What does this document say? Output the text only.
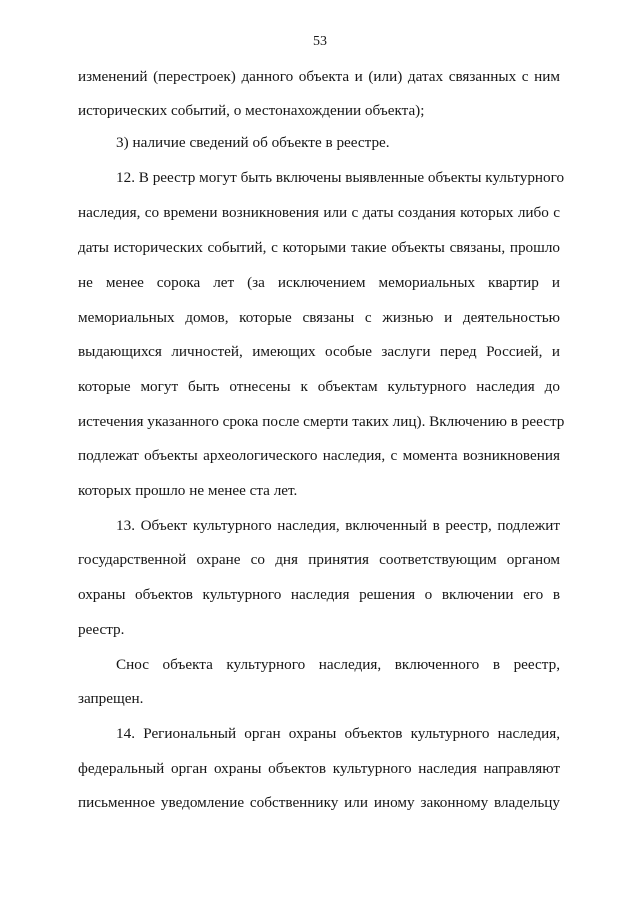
53
изменений (перестроек) данного объекта и (или) датах связанных с ним
исторических событий, о местонахождении объекта);
3) наличие сведений об объекте в реестре.
12. В реестр могут быть включены выявленные объекты культурного
наследия, со времени возникновения или с даты создания которых либо с
даты исторических событий, с которыми такие объекты связаны, прошло
не менее сорока лет (за исключением мемориальных квартир и
мемориальных домов, которые связаны с жизнью и деятельностью
выдающихся личностей, имеющих особые заслуги перед Россией, и
которые могут быть отнесены к объектам культурного наследия до
истечения указанного срока после смерти таких лиц). Включению в реестр
подлежат объекты археологического наследия, с момента возникновения
которых прошло не менее ста лет.
13. Объект культурного наследия, включенный в реестр, подлежит
государственной охране со дня принятия соответствующим органом
охраны объектов культурного наследия решения о включении его в
реестр.
Снос объекта культурного наследия, включенного в реестр,
запрещен.
14. Региональный орган охраны объектов культурного наследия,
федеральный орган охраны объектов культурного наследия направляют
письменное уведомление собственнику или иному законному владельцу
